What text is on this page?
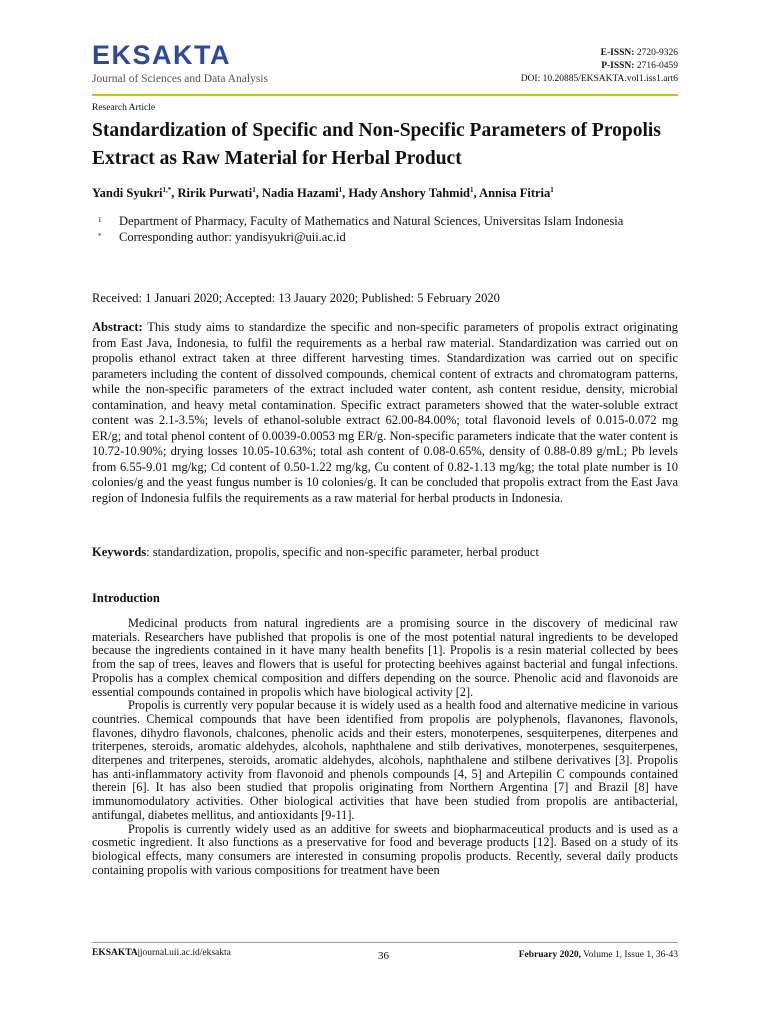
EKSAKTA
Journal of Sciences and Data Analysis
E-ISSN: 2720-9326
P-ISSN: 2716-0459
DOI: 10.20885/EKSAKTA.vol1.iss1.art6
Research Article
Standardization of Specific and Non-Specific Parameters of Propolis Extract as Raw Material for Herbal Product
Yandi Syukri$^{1,*}$, Ririk Purwati$^1$, Nadia Hazami$^1$, Hady Anshory Tahmid$^1$, Annisa Fitria$^1$
1 Department of Pharmacy, Faculty of Mathematics and Natural Sciences, Universitas Islam Indonesia
* Corresponding author: yandisyukri@uii.ac.id
Received: 1 Januari 2020; Accepted: 13 Jauary 2020; Published: 5 February 2020
Abstract: This study aims to standardize the specific and non-specific parameters of propolis extract originating from East Java, Indonesia, to fulfil the requirements as a herbal raw material. Standardization was carried out on propolis ethanol extract taken at three different harvesting times. Standardization was carried out on specific parameters including the content of dissolved compounds, chemical content of extracts and chromatogram patterns, while the non-specific parameters of the extract included water content, ash content residue, density, microbial contamination, and heavy metal contamination. Specific extract parameters showed that the water-soluble extract content was 2.1-3.5%; levels of ethanol-soluble extract 62.00-84.00%; total flavonoid levels of 0.015-0.072 mg ER/g; and total phenol content of 0.0039-0.0053 mg ER/g. Non-specific parameters indicate that the water content is 10.72-10.90%; drying losses 10.05-10.63%; total ash content of 0.08-0.65%, density of 0.88-0.89 g/mL; Pb levels from 6.55-9.01 mg/kg; Cd content of 0.50-1.22 mg/kg, Cu content of 0.82-1.13 mg/kg; the total plate number is 10 colonies/g and the yeast fungus number is 10 colonies/g. It can be concluded that propolis extract from the East Java region of Indonesia fulfils the requirements as a raw material for herbal products in Indonesia.
Keywords: standardization, propolis, specific and non-specific parameter, herbal product
Introduction

Medicinal products from natural ingredients are a promising source in the discovery of medicinal raw materials. Researchers have published that propolis is one of the most potential natural ingredients to be developed because the ingredients contained in it have many health benefits [1]. Propolis is a resin material collected by bees from the sap of trees, leaves and flowers that is useful for protecting beehives against bacterial and fungal infections. Propolis has a complex chemical composition and differs depending on the source. Phenolic acid and flavonoids are essential compounds contained in propolis which have biological activity [2].

Propolis is currently very popular because it is widely used as a health food and alternative medicine in various countries. Chemical compounds that have been identified from propolis are polyphenols, flavanones, flavonols, flavones, dihydro flavonols, chalcones, phenolic acids and their esters, monoterpenes, sesquiterpenes, diterpenes and triterpenes, steroids, aromatic aldehydes, alcohols, naphthalene and stilb derivatives, monoterpenes, sesquiterpenes, diterpenes and triterpenes, steroids, aromatic aldehydes, alcohols, naphthalene and stilbene derivatives [3]. Propolis has anti-inflammatory activity from flavonoid and phenols compounds [4, 5] and Artepilin C compounds contained therein [6]. It has also been studied that propolis originating from Northern Argentina [7] and Brazil [8] have immunomodulatory activities. Other biological activities that have been studied from propolis are antibacterial, antifungal, diabetes mellitus, and antioxidants [9-11].

Propolis is currently widely used as an additive for sweets and biopharmaceutical products and is used as a cosmetic ingredient. It also functions as a preservative for food and beverage products [12]. Based on a study of its biological effects, many consumers are interested in consuming propolis products. Recently, several daily products containing propolis with various compositions for treatment have been

EKSAKTA|journal.uii.ac.id/eksakta	36	February 2020, Volume 1, Issue 1, 36-43
